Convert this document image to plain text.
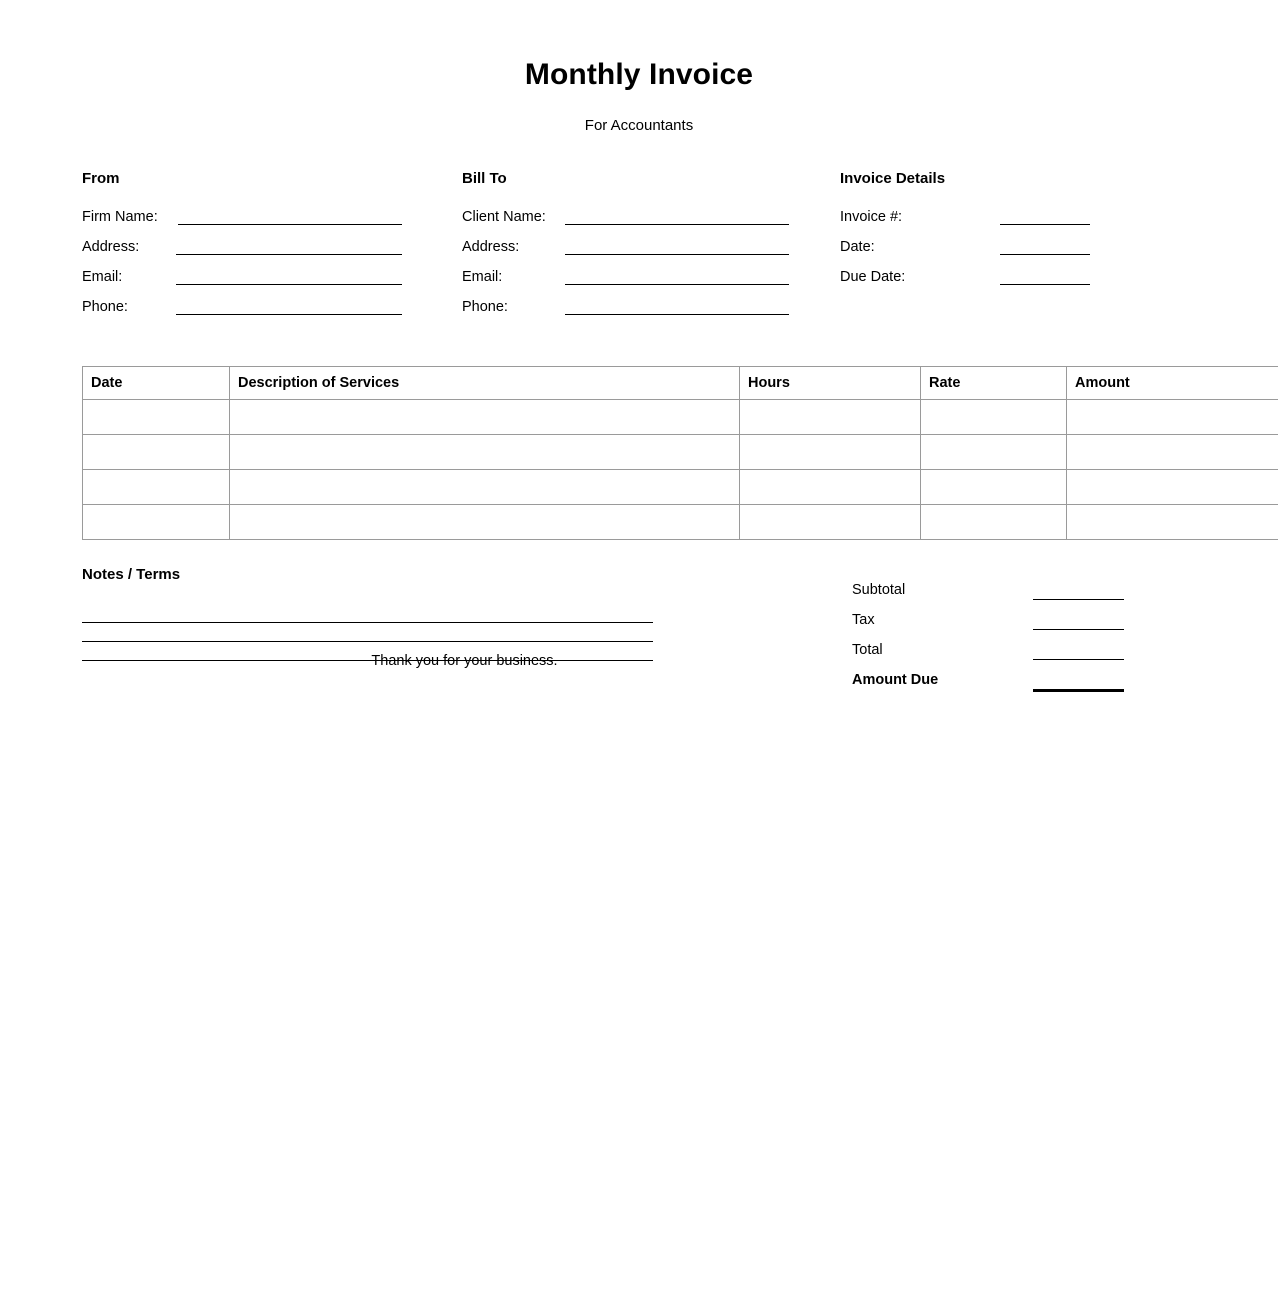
Monthly Invoice
For Accountants
From
Firm Name:
Address:
Email:
Phone:
Bill To
Client Name:
Address:
Email:
Phone:
Invoice Details
Invoice #:
Date:
Due Date:
Date	Description of Services	Hours	Rate	Amount

Notes / Terms
Thank you for your business.
Subtotal
Tax
Total
Amount Due
